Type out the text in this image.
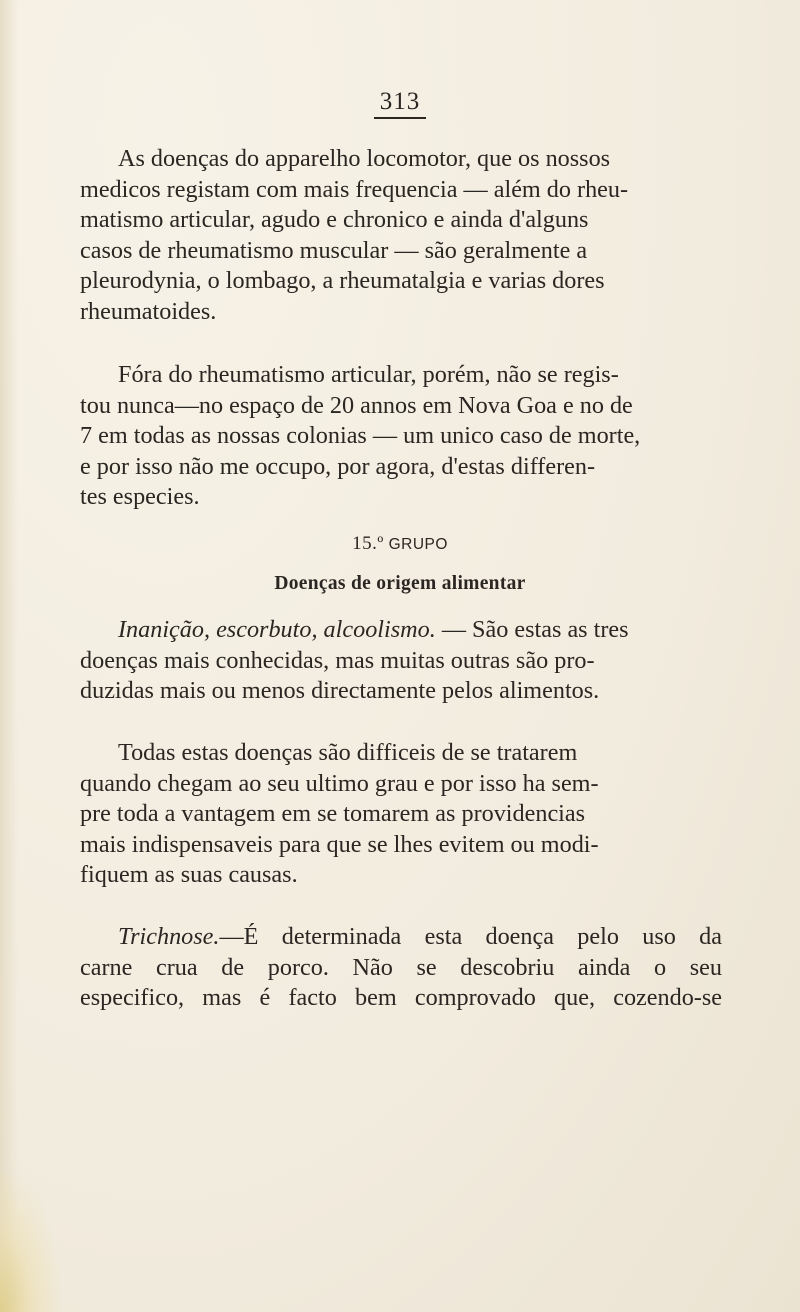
313

As doenças do apparelho locomotor, que os nossos
medicos registam com mais frequencia — além do rheu-
matismo articular, agudo e chronico e ainda d'alguns
casos de rheumatismo muscular — são geralmente a
pleurodynia, o lombago, a rheumatalgia e varias dores
rheumatoides.

Fóra do rheumatismo articular, porém, não se regis-
tou nunca—no espaço de 20 annos em Nova Goa e no de
7 em todas as nossas colonias — um unico caso de morte,
e por isso não me occupo, por agora, d'estas differen-
tes especies.

15.º GRUPO
Doenças de origem alimentar

Inanição, escorbuto, alcoolismo. — São estas as tres
doenças mais conhecidas, mas muitas outras são pro-
duzidas mais ou menos directamente pelos alimentos.

Todas estas doenças são difficeis de se tratarem
quando chegam ao seu ultimo grau e por isso ha sem-
pre toda a vantagem em se tomarem as providencias
mais indispensaveis para que se lhes evitem ou modi-
fiquem as suas causas.

Trichnose.—É determinada esta doença pelo uso da
carne crua de porco. Não se descobriu ainda o seu
especifico, mas é facto bem comprovado que, cozendo-se
